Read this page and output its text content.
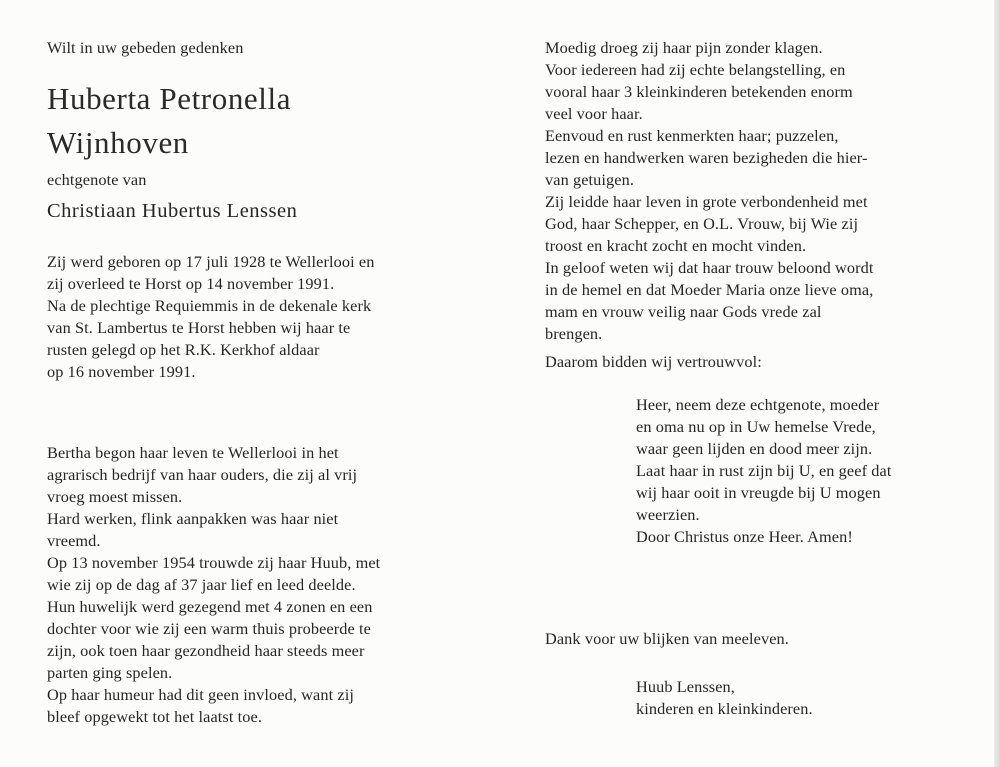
Wilt in uw gebeden gedenken
Huberta Petronella
Wijnhoven
echtgenote van
Christiaan Hubertus Lenssen
Zij werd geboren op 17 juli 1928 te Wellerlooi en
zij overleed te Horst op 14 november 1991.
Na de plechtige Requiemmis in de dekenale kerk
van St. Lambertus te Horst hebben wij haar te
rusten gelegd op het R.K. Kerkhof aldaar
op 16 november 1991.
Bertha begon haar leven te Wellerlooi in het
agrarisch bedrijf van haar ouders, die zij al vrij
vroeg moest missen.
Hard werken, flink aanpakken was haar niet
vreemd.
Op 13 november 1954 trouwde zij haar Huub, met
wie zij op de dag af 37 jaar lief en leed deelde.
Hun huwelijk werd gezegend met 4 zonen en een
dochter voor wie zij een warm thuis probeerde te
zijn, ook toen haar gezondheid haar steeds meer
parten ging spelen.
Op haar humeur had dit geen invloed, want zij
bleef opgewekt tot het laatst toe.
Moedig droeg zij haar pijn zonder klagen.
Voor iedereen had zij echte belangstelling, en
vooral haar 3 kleinkinderen betekenden enorm
veel voor haar.
Eenvoud en rust kenmerkten haar; puzzelen,
lezen en handwerken waren bezigheden die hier-
van getuigen.
Zij leidde haar leven in grote verbondenheid met
God, haar Schepper, en O.L. Vrouw, bij Wie zij
troost en kracht zocht en mocht vinden.
In geloof weten wij dat haar trouw beloond wordt
in de hemel en dat Moeder Maria onze lieve oma,
mam en vrouw veilig naar Gods vrede zal
brengen.
Daarom bidden wij vertrouwvol:
Heer, neem deze echtgenote, moeder
en oma nu op in Uw hemelse Vrede,
waar geen lijden en dood meer zijn.
Laat haar in rust zijn bij U, en geef dat
wij haar ooit in vreugde bij U mogen
weerzien.
Door Christus onze Heer. Amen!
Dank voor uw blijken van meeleven.
Huub Lenssen,
kinderen en kleinkinderen.
